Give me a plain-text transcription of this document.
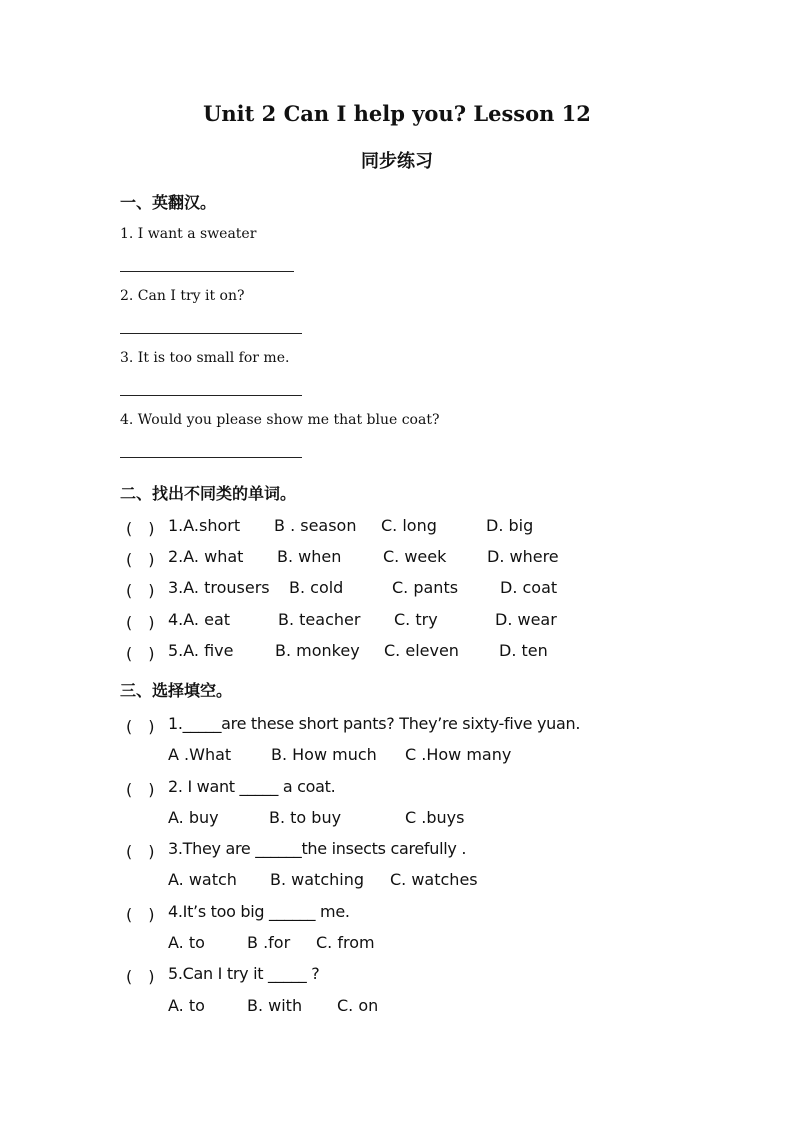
Unit 2 Can I help you? Lesson 12
同步练习
一、英翻汉。
1. I want a sweater
2. Can I try it on?
3. It is too small for me.
4. Would you please show me that blue coat?
二、找出不同类的单词。
(　) 1.A.short B . season C. long	D. big
(　) 2.A. what B. when	C. week	D. where
(　) 3.A. trousers B. cold	C. pants	D. coat
(　) 4.A. eat	B. teacher C. try	D. wear
(　) 5.A. five	B. monkey C. eleven	D. ten
三、选择填空。
(　) 1._____are these short pants? They’re sixty-five yuan.
A .What B. How much C .How many
(　) 2. I want _____ a coat.
A. buy	B. to buy	C .buys
(　) 3.They are ______the insects carefully .
A. watch B. watching C. watches
(　) 4.It’s too big ______ me.
A. to	B .for C. from
(　) 5.Can I try it _____ ?
A. to	B. with C. on
